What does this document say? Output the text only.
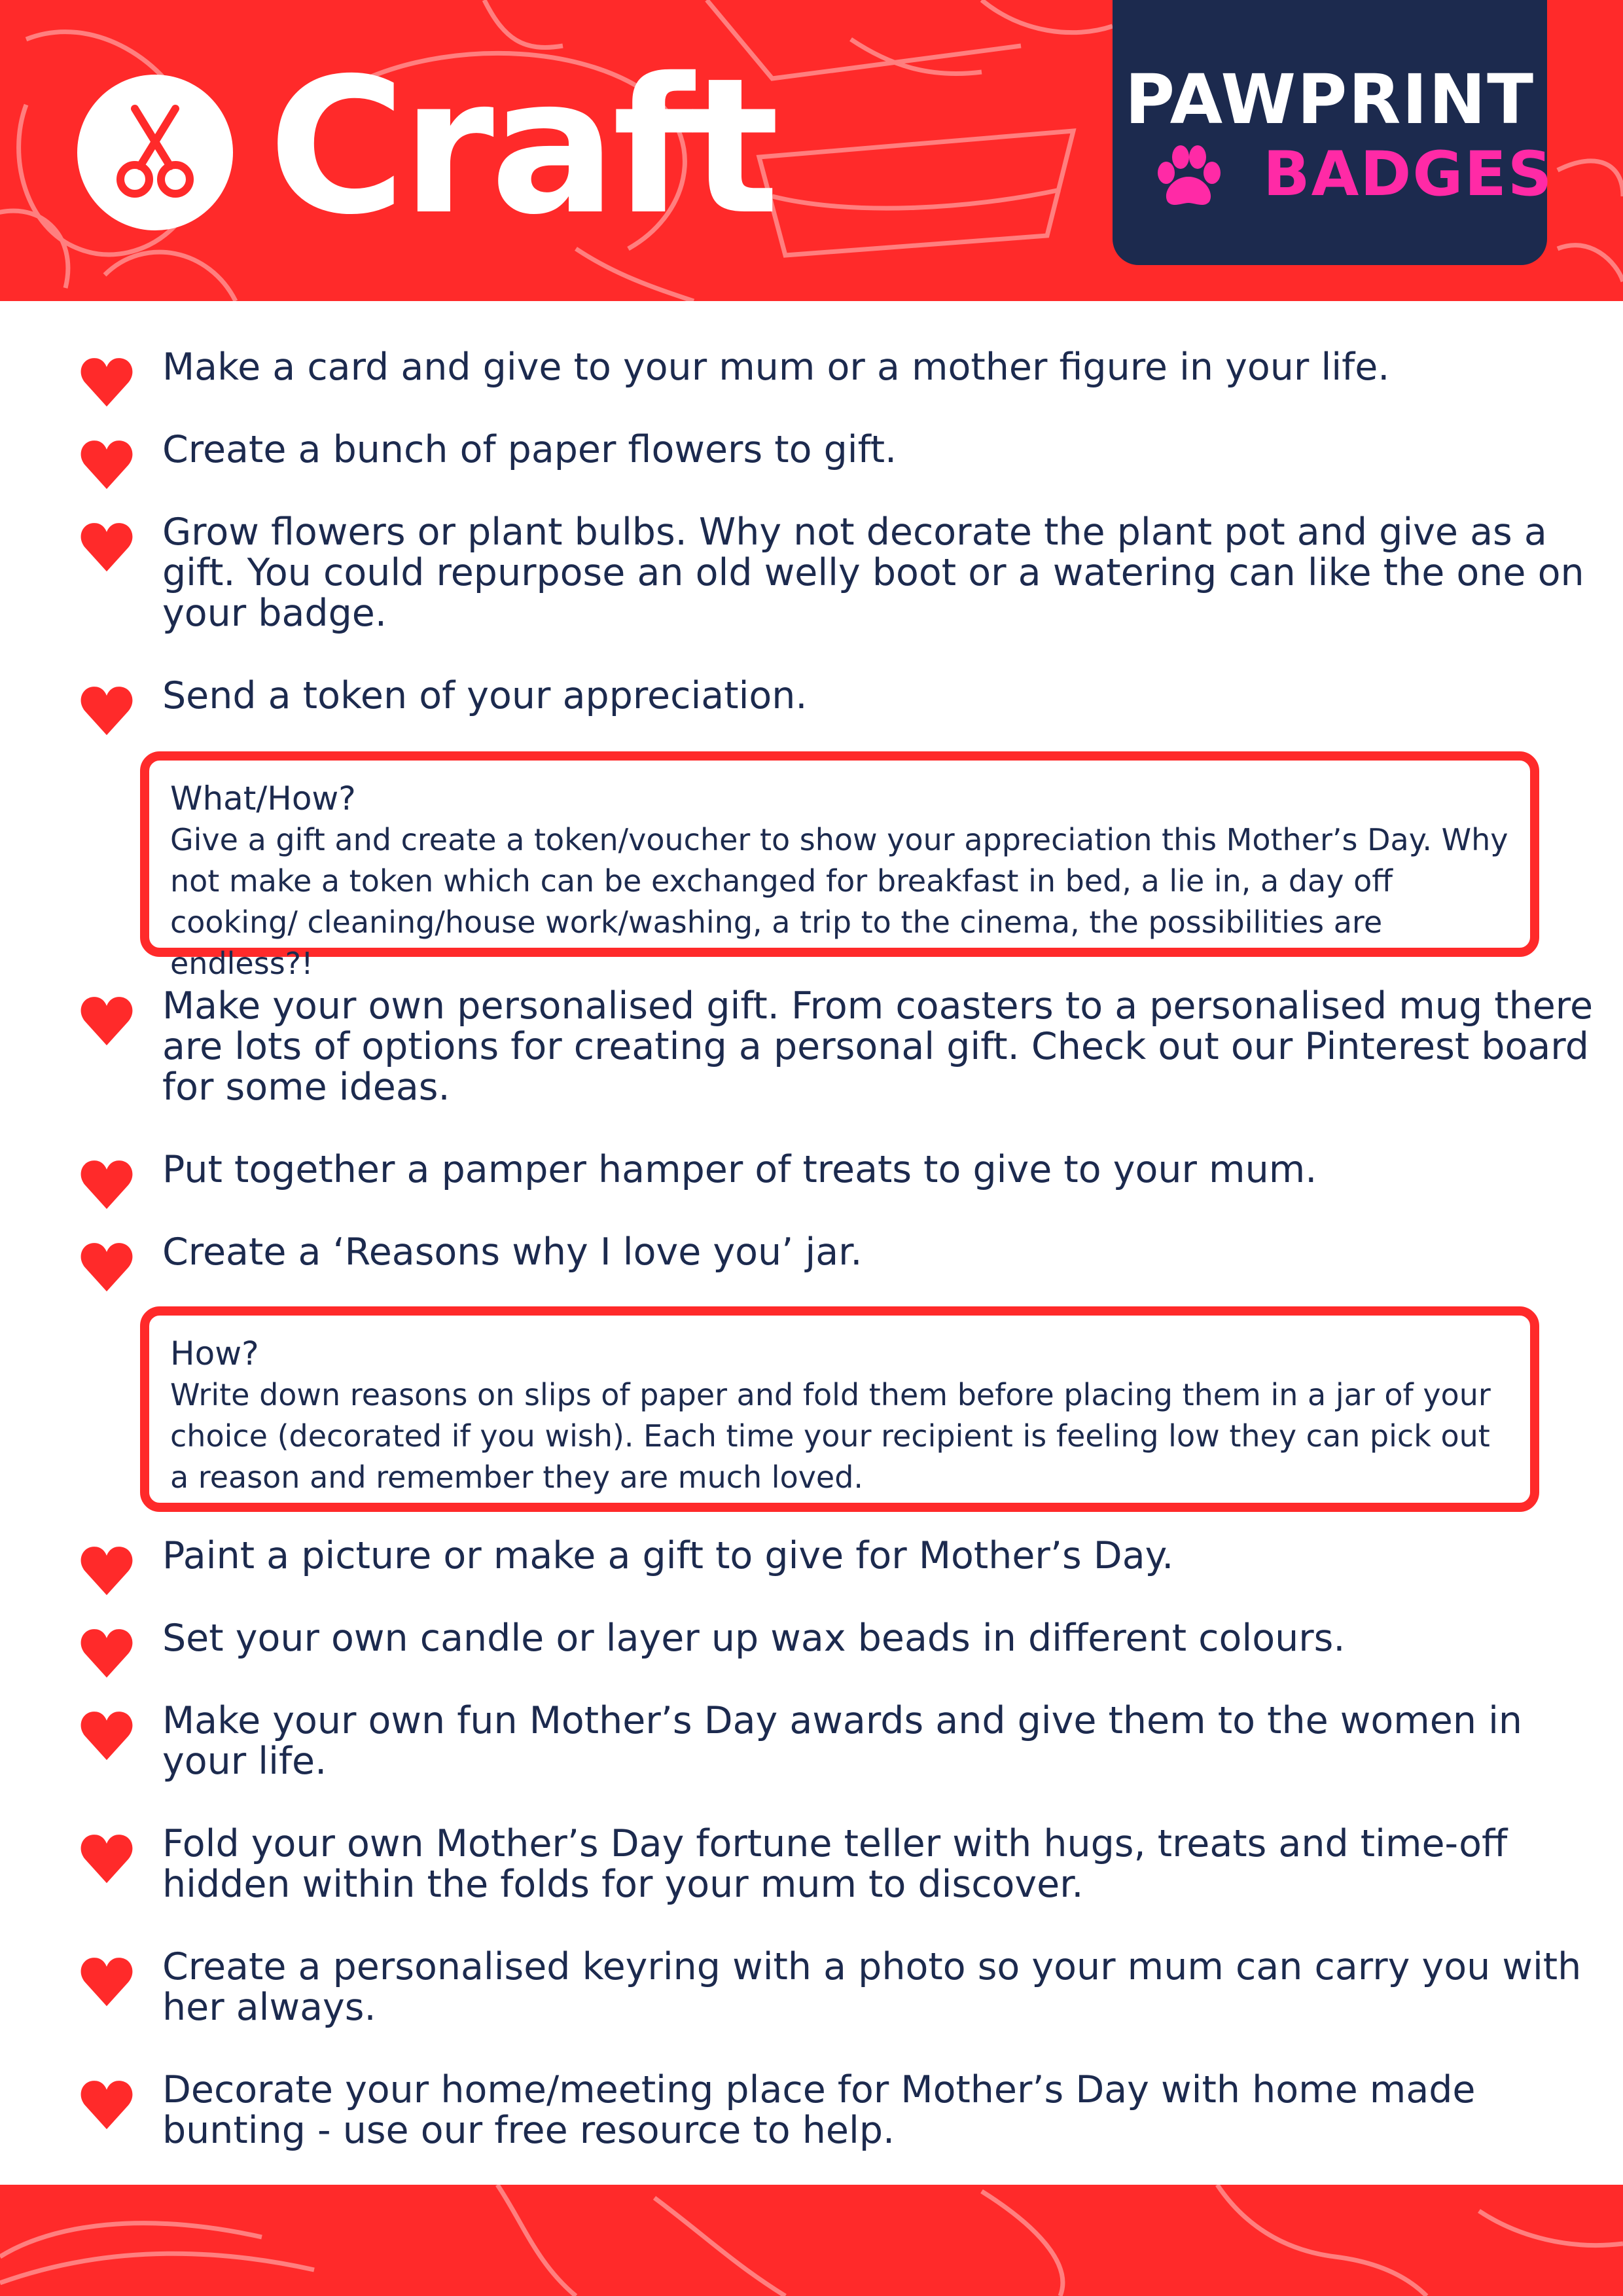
Craft	PAWPRINT
BADGES

Make a card and give to your mum or a mother figure in your life.

Create a bunch of paper flowers to gift.

Grow flowers or plant bulbs. Why not decorate the plant pot and give as a gift. You could repurpose an old welly boot or a watering can like the one on your badge.

Send a token of your appreciation.

What/How?
Give a gift and create a token/voucher to show your appreciation this Mother’s Day. Why not make a token which can be exchanged for breakfast in bed, a lie in, a day off cooking/ cleaning/house work/washing, a trip to the cinema, the possibilities are endless?!

Make your own personalised gift. From coasters to a personalised mug there are lots of options for creating a personal gift. Check out our Pinterest board for some ideas.

Put together a pamper hamper of treats to give to your mum.

Create a ‘Reasons why I love you’ jar.

How?
Write down reasons on slips of paper and fold them before placing them in a jar of your choice (decorated if you wish). Each time your recipient is feeling low they can pick out a reason and remember they are much loved.

Paint a picture or make a gift to give for Mother’s Day.

Set your own candle or layer up wax beads in different colours.

Make your own fun Mother’s Day awards and give them to the women in your life.

Fold your own Mother’s Day fortune teller with hugs, treats and time-off hidden within the folds for your mum to discover.

Create a personalised keyring with a photo so your mum can carry you with her always.

Decorate your home/meeting place for Mother’s Day with home made bunting - use our free resource to help.
